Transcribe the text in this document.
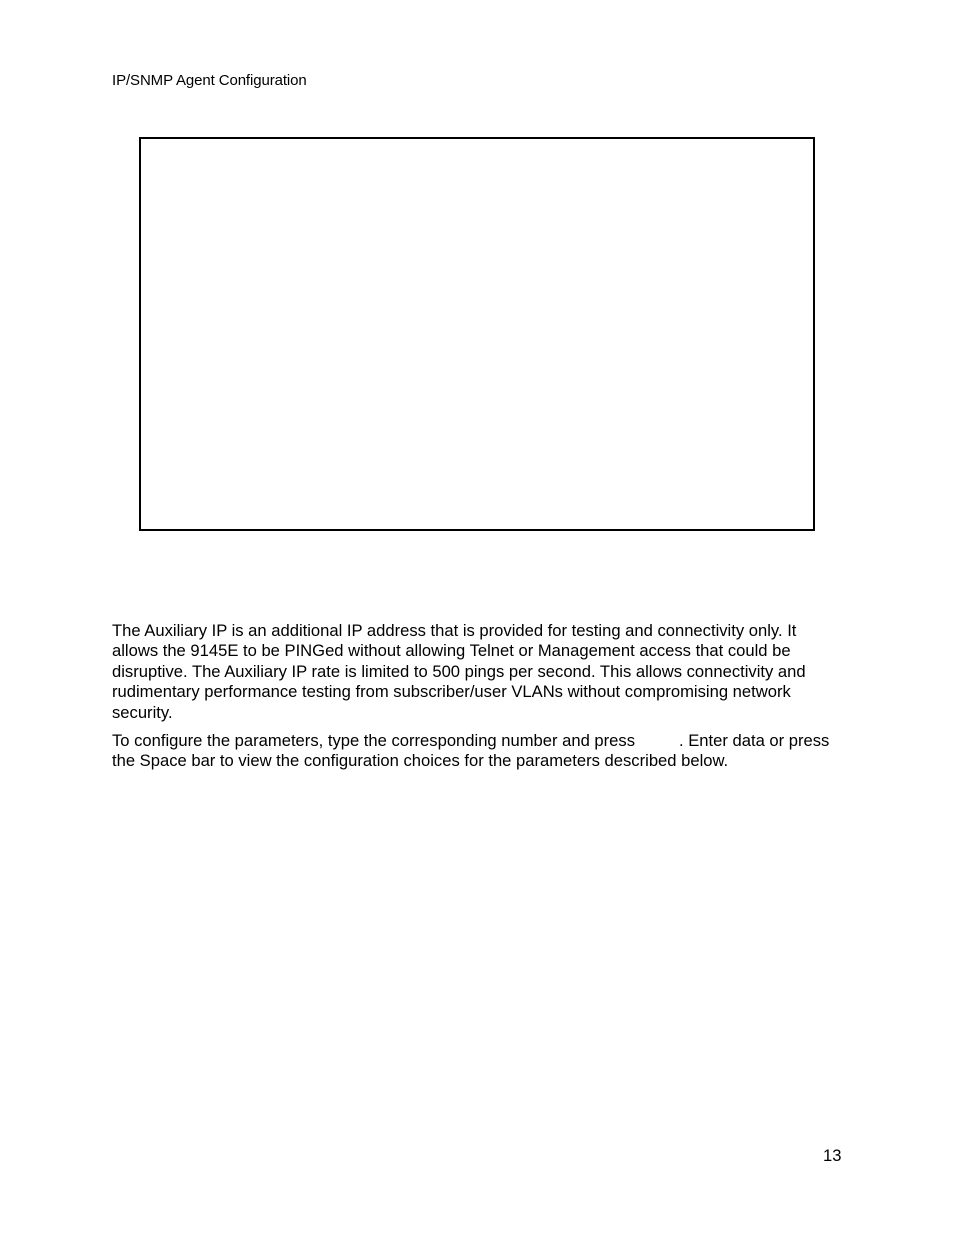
IP/SNMP Agent Configuration

The Auxiliary IP is an additional IP address that is provided for testing and connectivity only. It allows the 9145E to be PINGed without allowing Telnet or Management access that could be disruptive. The Auxiliary IP rate is limited to 500 pings per second. This allows connectivity and rudimentary performance testing from subscriber/user VLANs without compromising network security.

To configure the parameters, type the corresponding number and press	. Enter data or press the Space bar to view the configuration choices for the parameters described below.

13
